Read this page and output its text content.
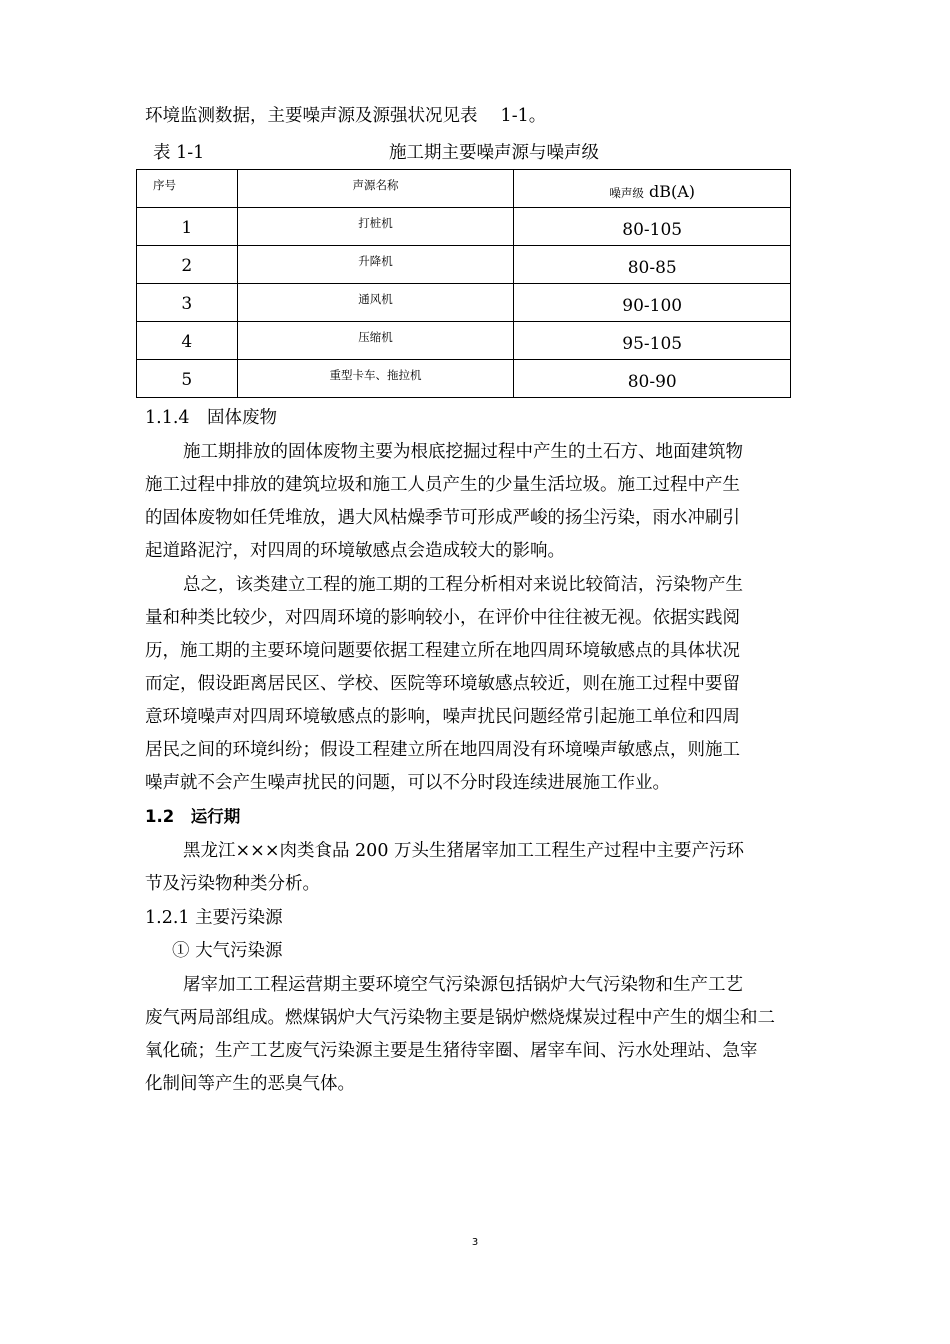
环境监测数据，主要噪声源及源强状况见表　 1-1。
表 1-1	施工期主要噪声源与噪声级
序号	声源名称	噪声级 dB(A)
1	打桩机	80-105
2	升降机	80-85
3	通风机	90-100
4	压缩机	95-105
5	重型卡车、拖拉机	80-90
1.1.4　固体废物
施工期排放的固体废物主要为根底挖掘过程中产生的土石方、地面建筑物
施工过程中排放的建筑垃圾和施工人员产生的少量生活垃圾。施工过程中产生
的固体废物如任凭堆放，遇大风枯燥季节可形成严峻的扬尘污染，雨水冲刷引
起道路泥泞，对四周的环境敏感点会造成较大的影响。
总之，该类建立工程的施工期的工程分析相对来说比较简洁，污染物产生
量和种类比较少，对四周环境的影响较小，在评价中往往被无视。依据实践阅
历，施工期的主要环境问题要依据工程建立所在地四周环境敏感点的具体状况
而定，假设距离居民区、学校、医院等环境敏感点较近，则在施工过程中要留
意环境噪声对四周环境敏感点的影响，噪声扰民问题经常引起施工单位和四周
居民之间的环境纠纷；假设工程建立所在地四周没有环境噪声敏感点，则施工
噪声就不会产生噪声扰民的问题，可以不分时段连续进展施工作业。
1.2　运行期
黑龙江×××肉类食品 200 万头生猪屠宰加工工程生产过程中主要产污环
节及污染物种类分析。
1.2.1 主要污染源
① 大气污染源
屠宰加工工程运营期主要环境空气污染源包括锅炉大气污染物和生产工艺
废气两局部组成。燃煤锅炉大气污染物主要是锅炉燃烧煤炭过程中产生的烟尘和二
氧化硫；生产工艺废气污染源主要是生猪待宰圈、屠宰车间、污水处理站、急宰
化制间等产生的恶臭气体。
3
